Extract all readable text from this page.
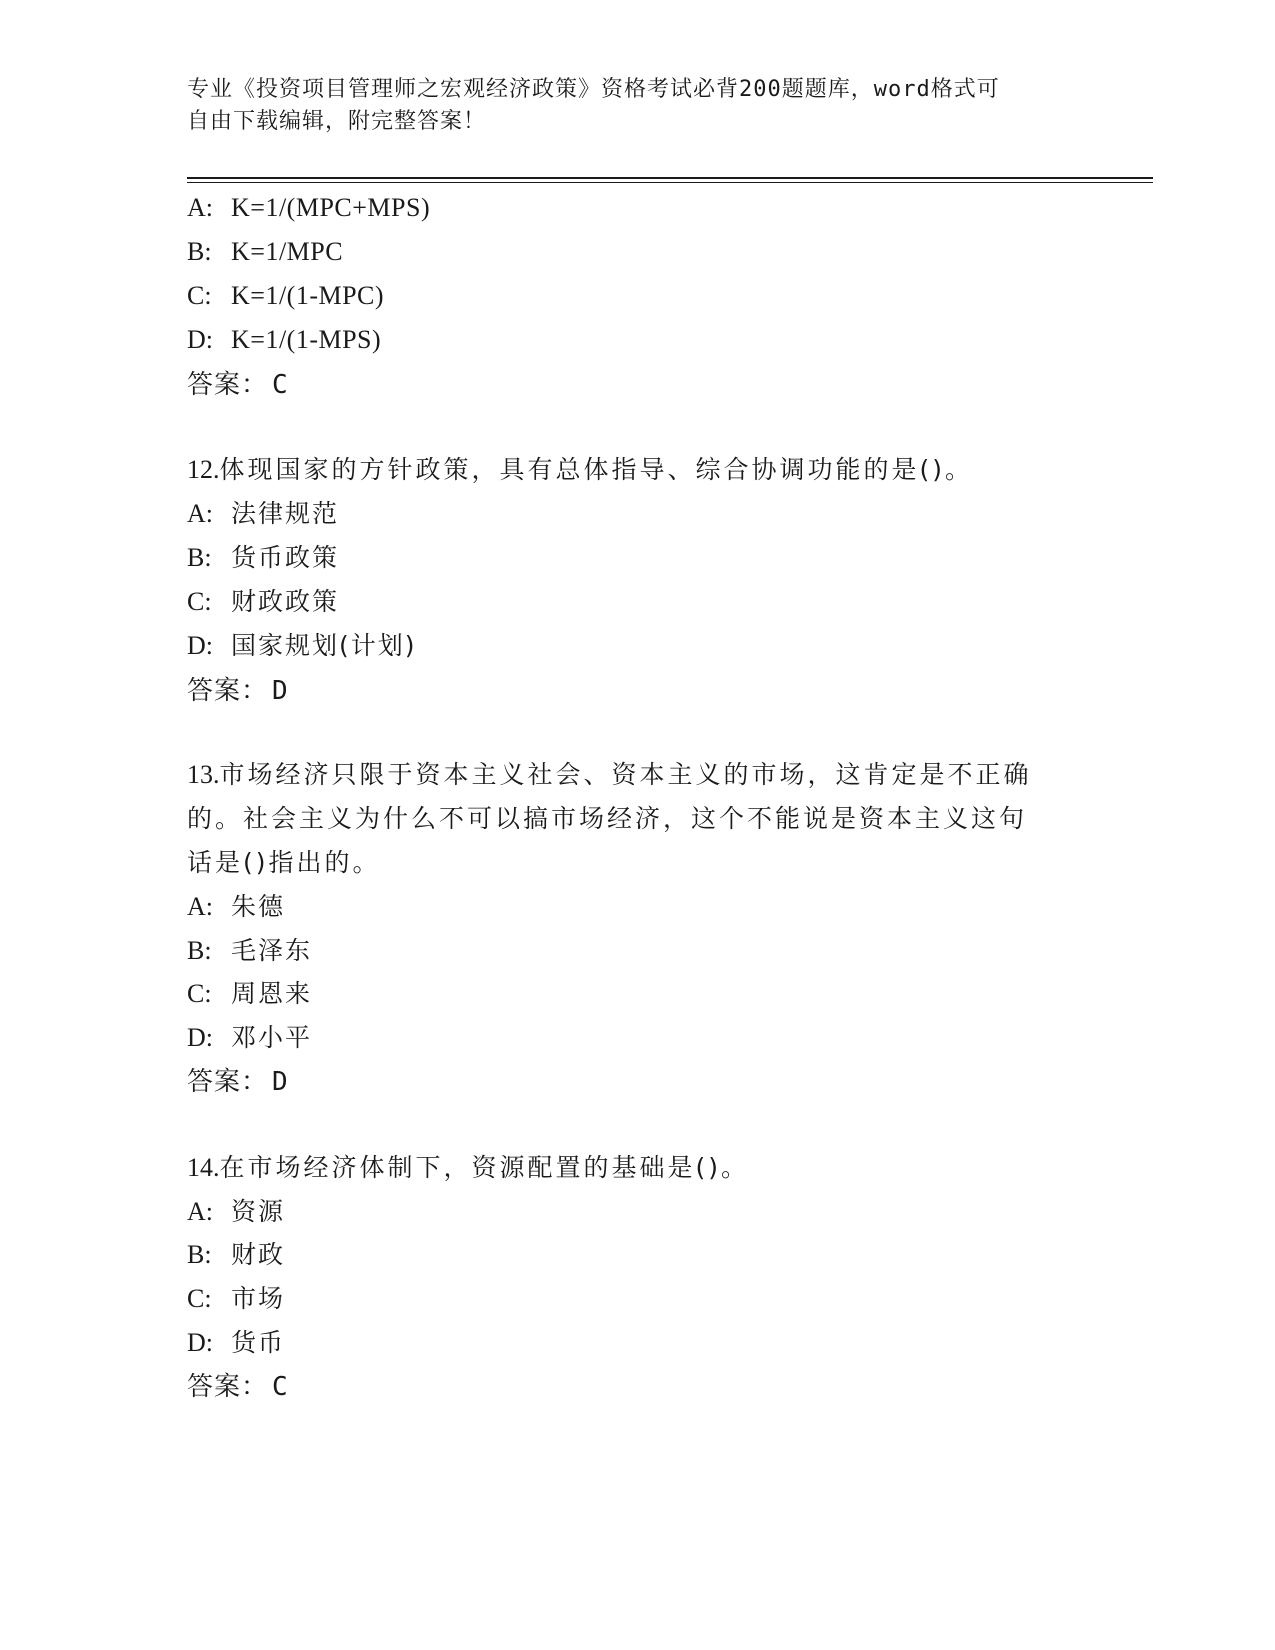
专业《投资项目管理师之宏观经济政策》资格考试必背200题题库，word格式可
自由下载编辑，附完整答案！
A: K=1/(MPC+MPS)
B: K=1/MPC
C: K=1/(1-MPC)
D: K=1/(1-MPS)
答案： C
12.体现国家的方针政策，具有总体指导、综合协调功能的是()。
A: 法律规范
B: 货币政策
C: 财政政策
D: 国家规划(计划)
答案： D
13.市场经济只限于资本主义社会、资本主义的市场，这肯定是不正确
的。社会主义为什么不可以搞市场经济，这个不能说是资本主义这句
话是()指出的。
A: 朱德
B: 毛泽东
C: 周恩来
D: 邓小平
答案： D
14.在市场经济体制下，资源配置的基础是()。
A: 资源
B: 财政
C: 市场
D: 货币
答案： C
